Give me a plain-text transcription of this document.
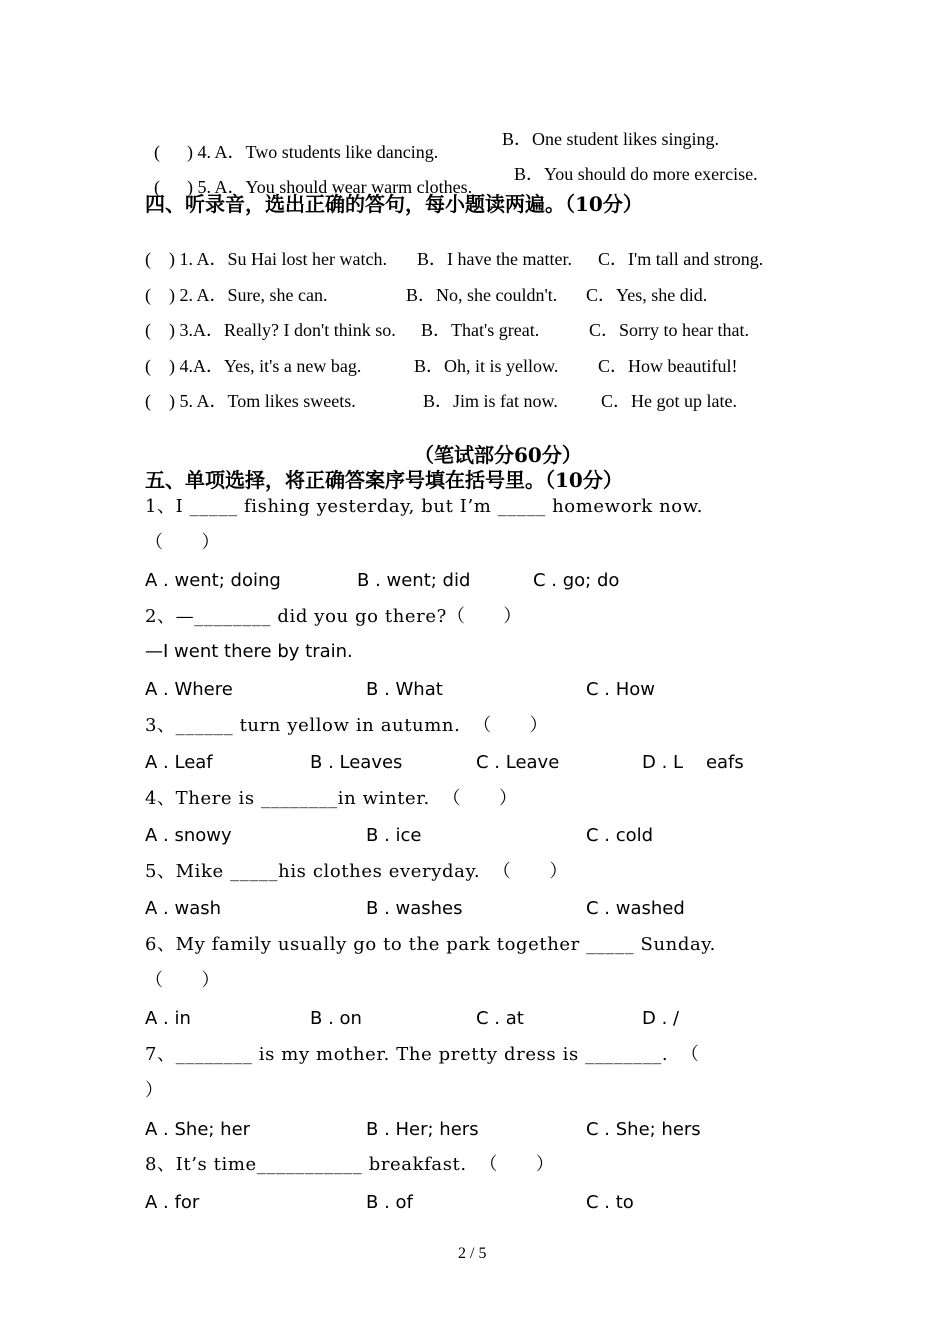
(      ) 4. A．Two students like dancing.

B．One student likes singing.

(      ) 5. A．You should wear warm clothes.

B．You should do more exercise.
四、听录音，选出正确的答句，每小题读两遍。（10分）
(    ) 1. A．Su Hai lost her watch. B．I have the matter. C．I'm tall and strong.
(    ) 2. A．Sure, she can.	B．No, she couldn't. C．Yes, she did.
(    ) 3.A．Really? I don't think so. B．That's great.	C．Sorry to hear that.
(    ) 4.A．Yes, it's a new bag.	B．Oh, it is yellow. C．How beautiful!
(    ) 5. A．Tom likes sweets.	B．Jim is fat now. C．He got up late.
（笔试部分60分）
五、单项选择，将正确答案序号填在括号里。（10分）
1、I _____ fishing yesterday, but I’m _____ homework now.
（      ）
A . went; doing	B . went; did	C . go; do
2、—________ did you go there?（      ）
—I went there by train.
A . Where	B . What	C . How
3、______ turn yellow in autumn.  （      ）
A . Leaf	B . Leaves	C . Leave	D . L    eafs
4、There is ________in winter.  （      ）
A . snowy	B . ice	C . cold
5、Mike _____his clothes everyday.  （      ）
A . wash	B . washes	C . washed
6、My family usually go to the park together _____ Sunday.
（      ）
A . in	B . on	C . at	D . /
7、________ is my mother. The pretty dress is ________.  （
）
A . She; her	B . Her; hers	C . She; hers
8、It’s time___________ breakfast.  （      ）
A . for	B . of	C . to
2 / 5
